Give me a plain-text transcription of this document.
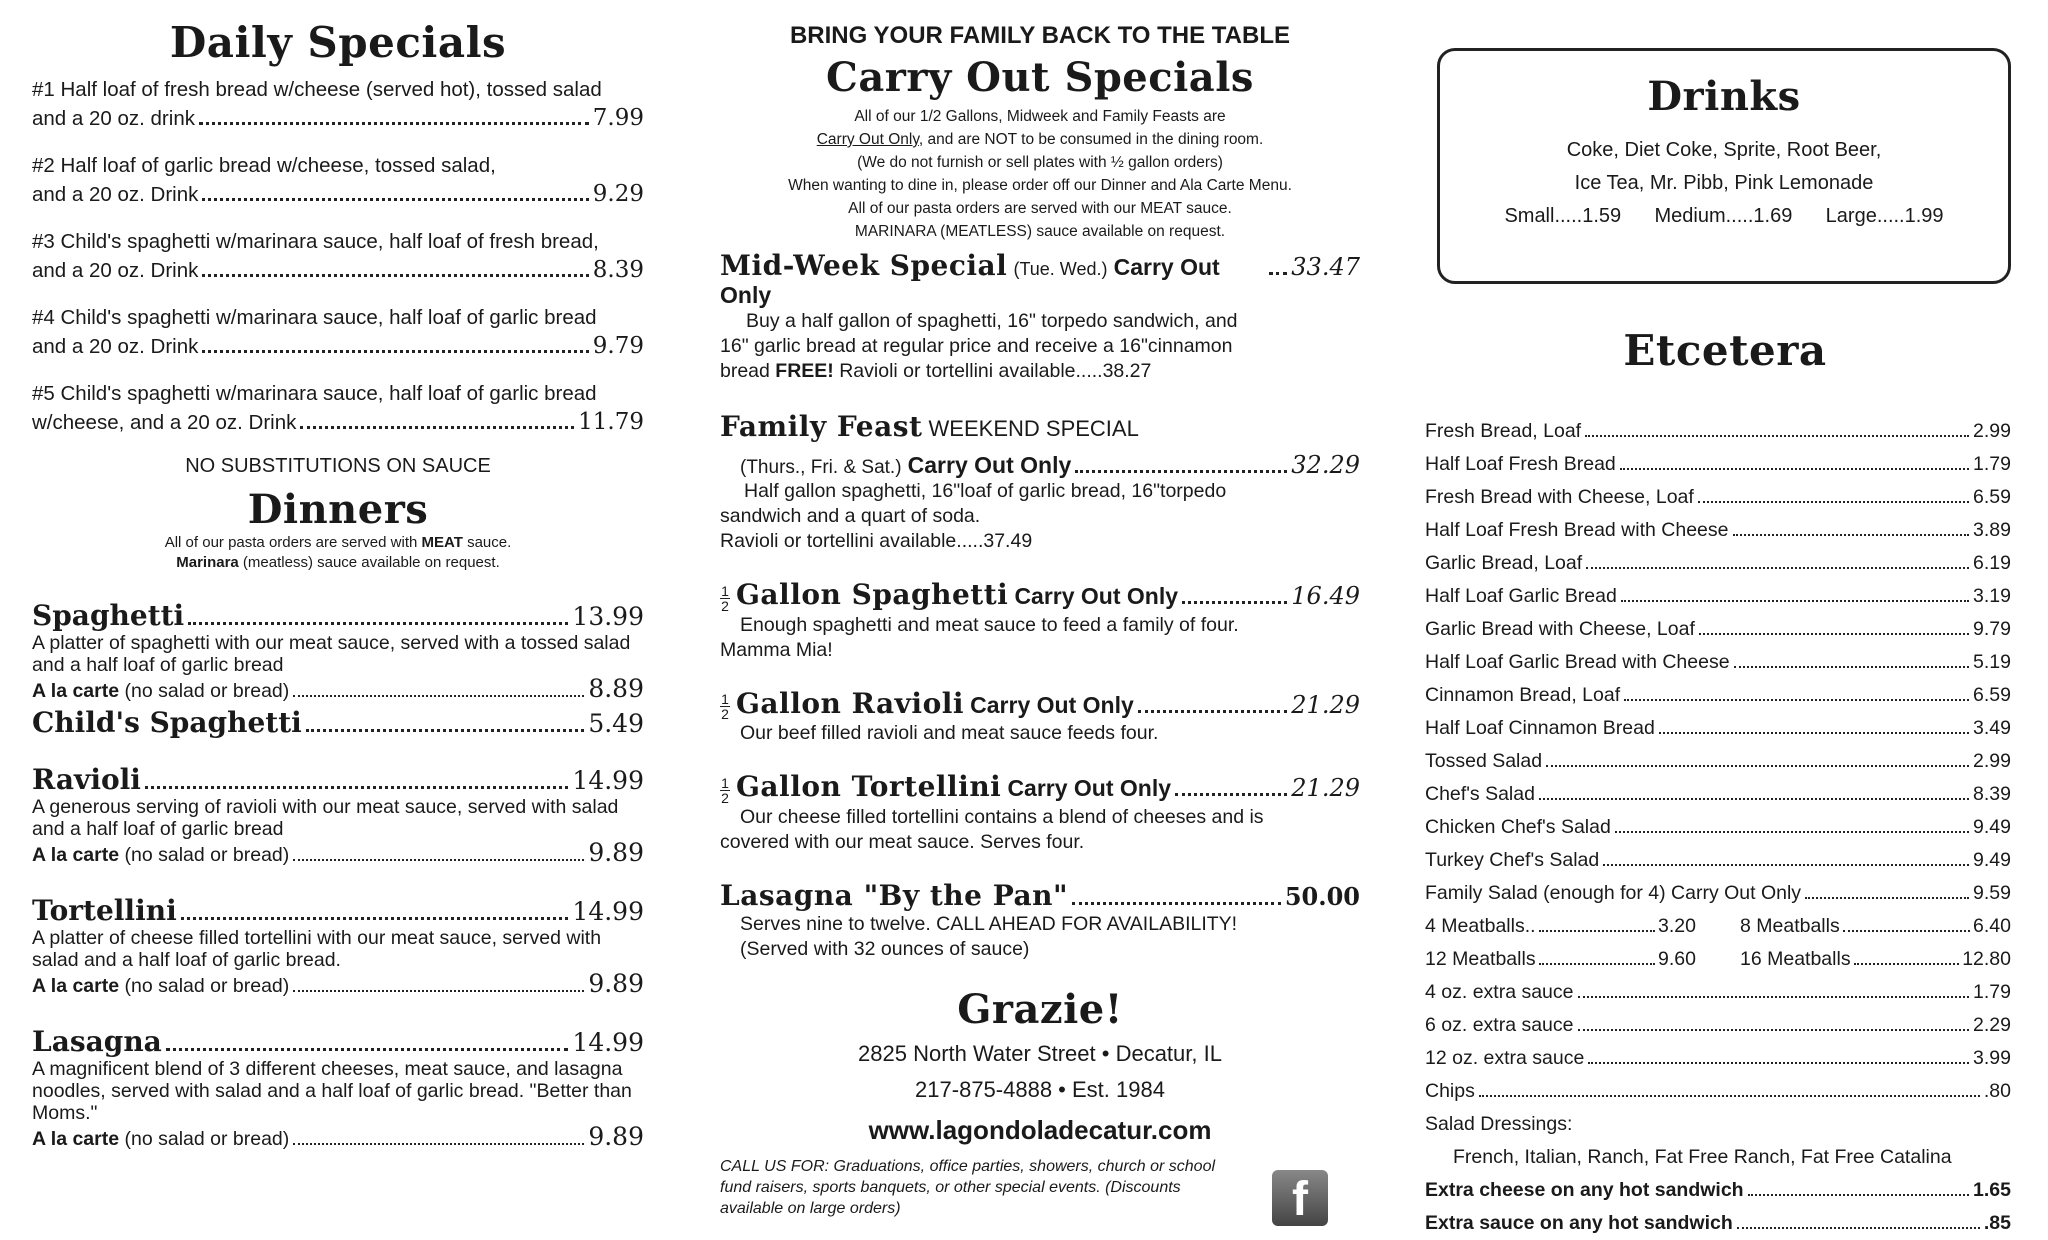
Daily Specials
#1 Half loaf of fresh bread w/cheese (served hot), tossed salad
and a 20 oz. drink	7.99
#2 Half loaf of garlic bread w/cheese, tossed salad,
and a 20 oz. Drink	9.29
#3 Child's spaghetti w/marinara sauce, half loaf of fresh bread,
and a 20 oz. Drink	8.39
#4 Child's spaghetti w/marinara sauce, half loaf of garlic bread
and a 20 oz. Drink	9.79
#5 Child's spaghetti w/marinara sauce, half loaf of garlic bread
w/cheese, and a 20 oz. Drink	11.79
NO SUBSTITUTIONS ON SAUCE
Dinners
All of our pasta orders are served with MEAT sauce.
Marinara (meatless) sauce available on request.
Spaghetti	13.99
A platter of spaghetti with our meat sauce, served with a tossed salad and a half loaf of garlic bread
A la carte (no salad or bread)	8.89
Child's Spaghetti	5.49
Ravioli	14.99
A generous serving of ravioli with our meat sauce, served with salad and a half loaf of garlic bread
A la carte (no salad or bread)	9.89
Tortellini	14.99
A platter of cheese filled tortellini with our meat sauce, served with salad and a half loaf of garlic bread.
A la carte (no salad or bread)	9.89
Lasagna	14.99
A magnificent blend of 3 different cheeses, meat sauce, and lasagna noodles, served with salad and a half loaf of garlic bread. "Better than Moms."
A la carte (no salad or bread)	9.89
BRING YOUR FAMILY BACK TO THE TABLE
Carry Out Specials
All of our 1/2 Gallons, Midweek and Family Feasts are
Carry Out Only, and are NOT to be consumed in the dining room.
(We do not furnish or sell plates with ½ gallon orders)
When wanting to dine in, please order off our Dinner and Ala Carte Menu.
All of our pasta orders are served with our MEAT sauce.
MARINARA (MEATLESS) sauce available on request.
Mid-Week Special (Tue. Wed.) Carry Out Only
33.47
Buy a half gallon of spaghetti, 16" torpedo sandwich, and
16" garlic bread at regular price and receive a 16"cinnamon
bread FREE! Ravioli or tortellini available.....38.27
Family Feast WEEKEND SPECIAL
(Thurs., Fri. & Sat.) Carry Out Only	32.29
Half gallon spaghetti, 16"loaf of garlic bread, 16"torpedo
sandwich and a quart of soda.
Ravioli or tortellini available.....37.49
$\frac{1}{2}$ Gallon Spaghetti Carry Out Only	16.49
Enough spaghetti and meat sauce to feed a family of four.
Mamma Mia!
$\frac{1}{2}$ Gallon Ravioli Carry Out Only	21.29
Our beef filled ravioli and meat sauce feeds four.
$\frac{1}{2}$ Gallon Tortellini Carry Out Only	21.29
Our cheese filled tortellini contains a blend of cheeses and is
covered with our meat sauce. Serves four.
Lasagna "By the Pan"	50.00
Serves nine to twelve. CALL AHEAD FOR AVAILABILITY!
(Served with 32 ounces of sauce)
Grazie!
2825 North Water Street • Decatur, IL
217-875-4888 • Est. 1984
www.lagondoladecatur.com
CALL US FOR: Graduations, office parties, showers, church or school fund raisers, sports banquets, or other special events. (Discounts available on large orders)	f
Drinks
Coke, Diet Coke, Sprite, Root Beer,
Ice Tea, Mr. Pibb, Pink Lemonade
Small.....1.59      Medium.....1.69      Large.....1.99
Etcetera
Fresh Bread, Loaf	2.99
Half Loaf Fresh Bread	1.79
Fresh Bread with Cheese, Loaf	6.59
Half Loaf Fresh Bread with Cheese	3.89
Garlic Bread, Loaf	6.19
Half Loaf Garlic Bread	3.19
Garlic Bread with Cheese, Loaf	9.79
Half Loaf Garlic Bread with Cheese	5.19
Cinnamon Bread, Loaf	6.59
Half Loaf Cinnamon Bread	3.49
Tossed Salad	2.99
Chef's Salad	8.39
Chicken Chef's Salad	9.49
Turkey Chef's Salad	9.49
Family Salad (enough for 4) Carry Out Only	9.59
4 Meatballs..	3.20 8 Meatballs	6.40
12 Meatballs	9.60 16 Meatballs	12.80
4 oz. extra sauce	1.79
6 oz. extra sauce	2.29
12 oz. extra sauce	3.99
Chips	.80
Salad Dressings:
French, Italian, Ranch, Fat Free Ranch, Fat Free Catalina
Extra cheese on any hot sandwich	1.65
Extra sauce on any hot sandwich	.85
